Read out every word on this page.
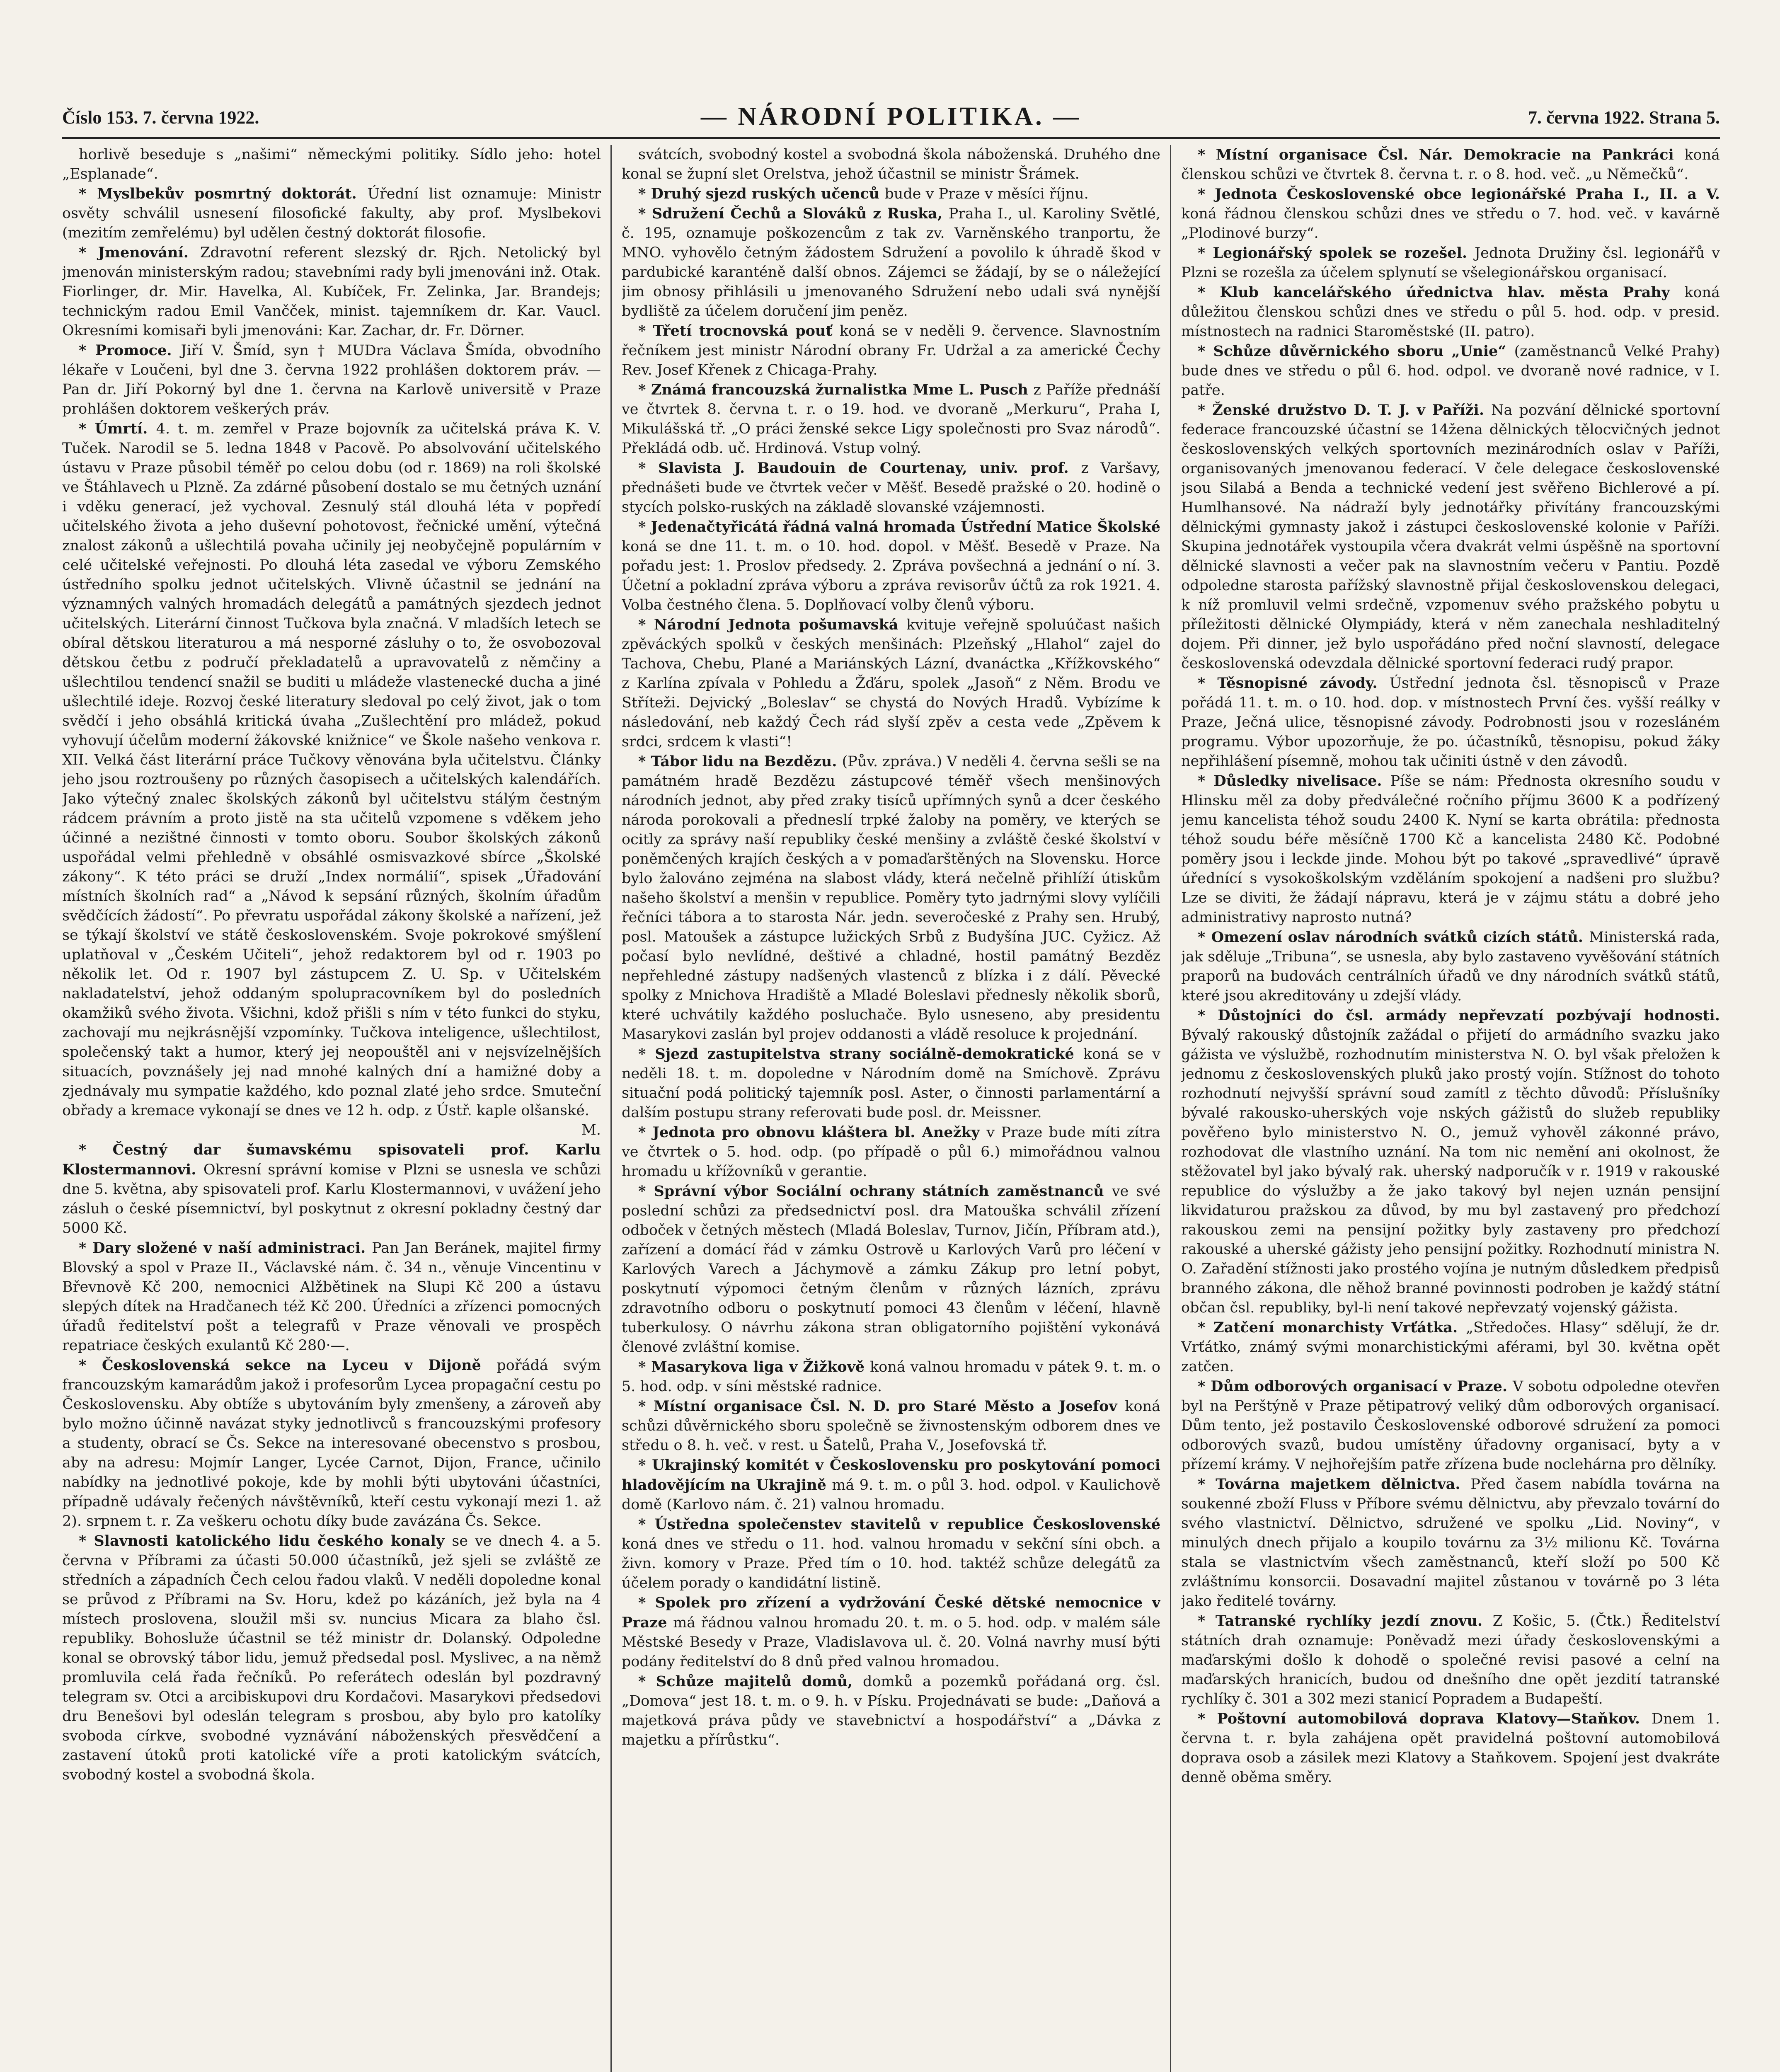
Číslo 153. 7. června 1922.	— NÁRODNÍ POLITIKA. —	7. června 1922. Strana 5.

horlivě beseduje s „našimi“ německými politiky. Sídlo jeho: hotel „Esplanade“.

* Myslbekův posmrtný doktorát. Úřední list oznamuje: Ministr osvěty schválil usnesení filosofické fakulty, aby prof. Myslbekovi (mezitím zemřelému) byl udělen čestný doktorát filosofie.

* Jmenování. Zdravotní referent slezský dr. Rjch. Netolický byl jmenován ministerským radou; stavebními rady byli jmenováni inž. Otak. Fiorlinger, dr. Mir. Havelka, Al. Kubíček, Fr. Zelinka, Jar. Brandejs; technickým radou Emil Vančček, minist. tajemníkem dr. Kar. Vaucl. Okresními komisaři byli jmenováni: Kar. Zachar, dr. Fr. Dörner.

* Promoce. Jiří V. Šmíd, syn † MUDra Václava Šmída, obvodního lékaře v Loučeni, byl dne 3. června 1922 prohlášen doktorem práv. — Pan dr. Jiří Pokorný byl dne 1. června na Karlově universitě v Praze prohlášen doktorem veškerých práv.

* Úmrtí. 4. t. m. zemřel v Praze bojovník za učitelská práva K. V. Tuček. Narodil se 5. ledna 1848 v Pacově. Po absolvování učitelského ústavu v Praze působil téměř po celou dobu (od r. 1869) na roli školské ve Štáhlavech u Plzně. Za zdárné působení dostalo se mu četných uznání i vděku generací, jež vychoval. Zesnulý stál dlouhá léta v popředí učitelského života a jeho duševní pohotovost, řečnické umění, výtečná znalost zákonů a ušlechtilá povaha učinily jej neobyčejně populárním v celé učitelské veřejnosti. Po dlouhá léta zasedal ve výboru Zemského ústředního spolku jednot učitelských. Vlivně účastnil se jednání na významných valných hromadách delegátů a památných sjezdech jednot učitelských. Literární činnost Tučkova byla značná. V mladších letech se obíral dětskou literaturou a má nesporné zásluhy o to, že osvobozoval dětskou četbu z područí překladatelů a upravovatelů z němčiny a ušlechtilou tendencí snažil se buditi u mládeže vlastenecké ducha a jiné ušlechtilé ideje. Rozvoj české literatury sledoval po celý život, jak o tom svědčí i jeho obsáhlá kritická úvaha „Zušlechtění pro mládež, pokud vyhovují účelům moderní žákovské knižnice“ ve Škole našeho venkova r. XII. Velká část literární práce Tučkovy věnována byla učitelstvu. Články jeho jsou roztroušeny po různých časopisech a učitelských kalendářích. Jako výtečný znalec školských zákonů byl učitelstvu stálým čestným rádcem právním a proto jistě na sta učitelů vzpomene s vděkem jeho účinné a nezištné činnosti v tomto oboru. Soubor školských zákonů uspořádal velmi přehledně v obsáhlé osmisvazkové sbírce „Školské zákony“. K této práci se druží „Index normálií“, spisek „Úřadování místních školních rad“ a „Návod k sepsání různých, školním úřadům svědčících žádostí“. Po převratu uspořádal zákony školské a nařízení, jež se týkají školství ve státě československém. Svoje pokrokové smýšlení uplatňoval v „Českém Učiteli“, jehož redaktorem byl od r. 1903 po několik let. Od r. 1907 byl zástupcem Z. U. Sp. v Učitelském nakladatelství, jehož oddaným spolupracovníkem byl do posledních okamžiků svého života. Všichni, kdož přišli s ním v této funkci do styku, zachovají mu nejkrásnější vzpomínky. Tučkova inteligence, ušlechtilost, společenský takt a humor, který jej neopouštěl ani v nejsvízelnějších situacích, povznášely jej nad mnohé kalných dní a hamižné doby a zjednávaly mu sympatie každého, kdo poznal zlaté jeho srdce. Smuteční obřady a kremace vykonají se dnes ve 12 h. odp. z Ústř. kaple olšanské.
M.

* Čestný dar šumavskému spisovateli prof. Karlu Klostermannovi. Okresní správní komise v Plzni se usnesla ve schůzi dne 5. května, aby spisovateli prof. Karlu Klostermannovi, v uvážení jeho zásluh o české písemnictví, byl poskytnut z okresní pokladny čestný dar 5000 Kč.

* Dary složené v naší administraci. Pan Jan Beránek, majitel firmy Blovský a spol v Praze II., Václavské nám. č. 34 n., věnuje Vincentinu v Břevnově Kč 200, nemocnici Alžbětinek na Slupi Kč 200 a ústavu slepých dítek na Hradčanech též Kč 200. Úředníci a zřízenci pomocných úřadů ředitelství pošt a telegrafů v Praze věnovali ve prospěch repatriace českých exulantů Kč 280·—.

* Československá sekce na Lyceu v Dijoně pořádá svým francouzským kamarádům jakož i profesorům Lycea propagační cestu po Československu. Aby obtíže s ubytováním byly zmenšeny, a zároveň aby bylo možno účinně navázat styky jednotlivců s francouzskými profesory a studenty, obrací se Čs. Sekce na interesované obecenstvo s prosbou, aby na adresu: Mojmír Langer, Lycée Carnot, Dijon, France, učinilo nabídky na jednotlivé pokoje, kde by mohli býti ubytováni účastníci, případně udávaly řečených návštěvníků, kteří cestu vykonají mezi 1. až 2). srpnem t. r. Za veškeru ochotu díky bude zavázána Čs. Sekce.

* Slavnosti katolického lidu českého konaly se ve dnech 4. a 5. června v Příbrami za účasti 50.000 účastníků, jež sjeli se zvláště ze středních a západních Čech celou řadou vlaků. V neděli dopoledne konal se průvod z Příbrami na Sv. Horu, kdež po kázáních, jež byla na 4 místech proslovena, sloužil mši sv. nuncius Micara za blaho čsl. republiky. Bohosluže účastnil se též ministr dr. Dolanský. Odpoledne konal se obrovský tábor lidu, jemuž předsedal posl. Myslivec, a na němž promluvila celá řada řečníků. Po referátech odeslán byl pozdravný telegram sv. Otci a arcibiskupovi dru Kordačovi. Masarykovi předsedovi dru Benešovi byl odeslán telegram s prosbou, aby bylo pro katolíky svoboda církve, svobodné vyznávání náboženských přesvědčení a zastavení útoků proti katolické víře a proti katolickým svátcích, svobodný kostel a svobodná škola.

svátcích, svobodný kostel a svobodná škola náboženská. Druhého dne konal se župní slet Orelstva, jehož účastnil se ministr Šrámek.

* Druhý sjezd ruských učenců bude v Praze v měsíci říjnu.

* Sdružení Čechů a Slováků z Ruska, Praha I., ul. Karoliny Světlé, č. 195, oznamuje poškozencům z tak zv. Varněnského tranportu, že MNO. vyhovělo četným žádostem Sdružení a povolilo k úhradě škod v pardubické karanténě další obnos. Zájemci se žádají, by se o náležející jim obnosy přihlásili u jmenovaného Sdružení nebo udali svá nynější bydliště za účelem doručení jim peněz.

* Třetí trocnovská pouť koná se v neděli 9. července. Slavnostním řečníkem jest ministr Národní obrany Fr. Udržal a za americké Čechy Rev. Josef Křenek z Chicaga-Prahy.

* Známá francouzská žurnalistka Mme L. Pusch z Paříže přednáší ve čtvrtek 8. června t. r. o 19. hod. ve dvoraně „Merkuru“, Praha I, Mikulášská tř. „O práci ženské sekce Ligy společnosti pro Svaz národů“. Překládá odb. uč. Hrdinová. Vstup volný.

* Slavista J. Baudouin de Courtenay, univ. prof. z Varšavy, přednášeti bude ve čtvrtek večer v Měšť. Besedě pražské o 20. hodině o stycích polsko-ruských na základě slovanské vzájemnosti.

* Jedenačtyřicátá řádná valná hromada Ústřední Matice Školské koná se dne 11. t. m. o 10. hod. dopol. v Měšť. Besedě v Praze. Na pořadu jest: 1. Proslov předsedy. 2. Zpráva povšechná a jednání o ní. 3. Účetní a pokladní zpráva výboru a zpráva revisorův účtů za rok 1921. 4. Volba čestného člena. 5. Doplňovací volby členů výboru.

* Národní Jednota pošumavská kvituje veřejně spoluúčast našich zpěváckých spolků v českých menšinách: Plzeňský „Hlahol“ zajel do Tachova, Chebu, Plané a Mariánských Lázní, dvanáctka „Křížkovského“ z Karlína zpívala v Pohledu a Žďáru, spolek „Jasoň“ z Něm. Brodu ve Stříteži. Dejvický „Boleslav“ se chystá do Nových Hradů. Vybízíme k následování, neb každý Čech rád slyší zpěv a cesta vede „Zpěvem k srdci, srdcem k vlasti“!

* Tábor lidu na Bezdězu. (Pův. zpráva.) V neděli 4. června sešli se na památném hradě Bezdězu zástupcové téměř všech menšinových národních jednot, aby před zraky tisíců upřímných synů a dcer českého národa porokovali a předneslí trpké žaloby na poměry, ve kterých se ocitly za správy naší republiky české menšiny a zvláště české školství v poněmčených krajích českých a v pomaďarštěných na Slovensku. Horce bylo žalováno zejména na slabost vlády, která nečelně přihlíží útiskům našeho školství a menšin v republice. Poměry tyto jadrnými slovy vylíčili řečníci tábora a to starosta Nár. jedn. severočeské z Prahy sen. Hrubý, posl. Matoušek a zástupce lužických Srbů z Budyšína JUC. Cyžicz. Až počasí bylo nevlídné, deštivé a chladné, hostil památný Bezděz nepřehledné zástupy nadšených vlastenců z blízka i z dálí. Pěvecké spolky z Mnichova Hradiště a Mladé Boleslavi přednesly několik sborů, které uchvátily každého posluchače. Bylo usneseno, aby presidentu Masarykovi zaslán byl projev oddanosti a vládě resoluce k projednání.

* Sjezd zastupitelstva strany sociálně-demokratické koná se v neděli 18. t. m. dopoledne v Národním domě na Smíchově. Zprávu situační podá politický tajemník posl. Aster, o činnosti parlamentární a dalším postupu strany referovati bude posl. dr. Meissner.

* Jednota pro obnovu kláštera bl. Anežky v Praze bude míti zítra ve čtvrtek o 5. hod. odp. (po případě o půl 6.) mimořádnou valnou hromadu u křížovníků v gerantie.

* Správní výbor Sociální ochrany státních zaměstnanců ve své poslední schůzi za předsednictví posl. dra Matouška schválil zřízení odboček v četných městech (Mladá Boleslav, Turnov, Jičín, Příbram atd.), zařízení a domácí řád v zámku Ostrově u Karlových Varů pro léčení v Karlových Varech a Jáchymově a zámku Zákup pro letní pobyt, poskytnutí výpomoci četným členům v různých lázních, zprávu zdravotního odboru o poskytnutí pomoci 43 členům v léčení, hlavně tuberkulosy. O návrhu zákona stran obligatorního pojištění vykonává členové zvláštní komise.

* Masarykova liga v Žižkově koná valnou hromadu v pátek 9. t. m. o 5. hod. odp. v síni městské radnice.

* Místní organisace Čsl. N. D. pro Staré Město a Josefov koná schůzi důvěrnického sboru společně se živnostenským odborem dnes ve středu o 8. h. več. v rest. u Šatelů, Praha V., Josefovská tř.

* Ukrajinský komitét v Československu pro poskytování pomoci hladovějícím na Ukrajině má 9. t. m. o půl 3. hod. odpol. v Kaulichově domě (Karlovo nám. č. 21) valnou hromadu.

* Ústředna společenstev stavitelů v republice Československé koná dnes ve středu o 11. hod. valnou hromadu v sekční síni obch. a živn. komory v Praze. Před tím o 10. hod. taktéž schůze delegátů za účelem porady o kandidátní listině.

* Spolek pro zřízení a vydržování České dětské nemocnice v Praze má řádnou valnou hromadu 20. t. m. o 5. hod. odp. v malém sále Městské Besedy v Praze, Vladislavova ul. č. 20. Volná navrhy musí býti podány ředitelství do 8 dnů před valnou hromadou.

* Schůze majitelů domů, domků a pozemků pořádaná org. čsl. „Domova“ jest 18. t. m. o 9. h. v Písku. Projednávati se bude: „Daňová a majetková práva půdy ve stavebnictví a hospodářství“ a „Dávka z majetku a přírůstku“.

* Místní organisace Čsl. Nár. Demokracie na Pankráci koná členskou schůzi ve čtvrtek 8. června t. r. o 8. hod. več. „u Němečků“.

* Jednota Československé obce legionářské Praha I., II. a V. koná řádnou členskou schůzi dnes ve středu o 7. hod. več. v kavárně „Plodinové burzy“.

* Legionářský spolek se rozešel. Jednota Družiny čsl. legionářů v Plzni se rozešla za účelem splynutí se všelegionářskou organisací.

* Klub kancelářského úřednictva hlav. města Prahy koná důležitou členskou schůzi dnes ve středu o půl 5. hod. odp. v presid. místnostech na radnici Staroměstské (II. patro).

* Schůze důvěrnického sboru „Unie“ (zaměstnanců Velké Prahy) bude dnes ve středu o půl 6. hod. odpol. ve dvoraně nové radnice, v I. patře.

* Ženské družstvo D. T. J. v Paříži. Na pozvání dělnické sportovní federace francouzské účastní se 14žena dělnických tělocvičných jednot československých velkých sportovních mezinárodních oslav v Paříži, organisovaných jmenovanou federací. V čele delegace československé jsou Silabá a Benda a technické vedení jest svěřeno Bichlerové a pí. Humlhansové. Na nádraží byly jednotářky přivítány francouzskými dělnickými gymnasty jakož i zástupci československé kolonie v Paříži. Skupina jednotářek vystoupila včera dvakrát velmi úspěšně na sportovní dělnické slavnosti a večer pak na slavnostním večeru v Pantiu. Pozdě odpoledne starosta pařížský slavnostně přijal československou delegaci, k níž promluvil velmi srdečně, vzpomenuv svého pražského pobytu u příležitosti dělnické Olympiády, která v něm zanechala neshladitelný dojem. Při dinner, jež bylo uspořádáno před noční slavností, delegace československá odevzdala dělnické sportovní federaci rudý prapor.

* Těsnopisné závody. Ústřední jednota čsl. těsnopisců v Praze pořádá 11. t. m. o 10. hod. dop. v místnostech První čes. vyšší reálky v Praze, Ječná ulice, těsnopisné závody. Podrobnosti jsou v rozesláném programu. Výbor upozorňuje, že po. účastníků, těsnopisu, pokud žáky nepřihlášení písemně, mohou tak učiniti ústně v den závodů.

* Důsledky nivelisace. Píše se nám: Přednosta okresního soudu v Hlinsku měl za doby předválečné ročního příjmu 3600 K a podřízený jemu kancelista téhož soudu 2400 K. Nyní se karta obrátila: přednosta téhož soudu béře měsíčně 1700 Kč a kancelista 2480 Kč. Podobné poměry jsou i leckde jinde. Mohou být po takové „spravedlivé“ úpravě úřednící s vysokoškolským vzděláním spokojení a nadšeni pro službu? Lze se diviti, že žádají nápravu, která je v zájmu státu a dobré jeho administrativy naprosto nutná?

* Omezení oslav národních svátků cizích států. Ministerská rada, jak sděluje „Tribuna“, se usnesla, aby bylo zastaveno vyvěšování státních praporů na budovách centrálních úřadů ve dny národních svátků států, které jsou akreditovány u zdejší vlády.

* Důstojníci do čsl. armády nepřevzatí pozbývají hodnosti. Bývalý rakouský důstojník zažádal o přijetí do armádního svazku jako gážista ve výslužbě, rozhodnutím ministerstva N. O. byl však přeložen k jednomu z československých pluků jako prostý vojín. Stížnost do tohoto rozhodnutí nejvyšší správní soud zamítl z těchto důvodů: Příslušníky bývalé rakousko-uherských voje nských gážistů do služeb republiky pověřeno bylo ministerstvo N. O., jemuž vyhověl zákonné právo, rozhodovat dle vlastního uznání. Na tom nic nemění ani okolnost, že stěžovatel byl jako bývalý rak. uherský nadporučík v r. 1919 v rakouské republice do výslužby a že jako takový byl nejen uznán pensijní likvidaturou pražskou za důvod, by mu byl zastavený pro předchozí rakouskou zemi na pensijní požitky byly zastaveny pro předchozí rakouské a uherské gážisty jeho pensijní požitky. Rozhodnutí ministra N. O. Zařadění stížnosti jako prostého vojína je nutným důsledkem předpisů branného zákona, dle něhož branné povinnosti podroben je každý státní občan čsl. republiky, byl-li není takové nepřevzatý vojenský gážista.

* Zatčení monarchisty Vrťátka. „Středočes. Hlasy“ sdělují, že dr. Vrťátko, známý svými monarchistickými aférami, byl 30. května opět zatčen.

* Dům odborových organisací v Praze. V sobotu odpoledne otevřen byl na Perštýně v Praze pětipatrový veliký dům odborových organisací. Dům tento, jež postavilo Československé odborové sdružení za pomoci odborových svazů, budou umístěny úřadovny organisací, byty a v přízemí krámy. V nejhořejším patře zřízena bude noclehárna pro dělníky.

* Továrna majetkem dělnictva. Před časem nabídla továrna na soukenné zboží Fluss v Příbore svému dělnictvu, aby převzalo tovární do svého vlastnictví. Dělnictvo, sdružené ve spolku „Lid. Noviny“, v minulých dnech přijalo a koupilo továrnu za 3½ milionu Kč. Továrna stala se vlastnictvím všech zaměstnanců, kteří složí po 500 Kč zvláštnímu konsorcii. Dosavadní majitel zůstanou v továrně po 3 léta jako ředitelé továrny.

* Tatranské rychlíky jezdí znovu. Z Košic, 5. (Čtk.) Ředitelství státních drah oznamuje: Poněvadž mezi úřady československými a maďarskými došlo k dohodě o společné revisi pasové a celní na maďarských hranicích, budou od dnešního dne opět jezdití tatranské rychlíky č. 301 a 302 mezi stanicí Popradem a Budapeští.

* Poštovní automobilová doprava Klatovy—Staňkov. Dnem 1. června t. r. byla zahájena opět pravidelná poštovní automobilová doprava osob a zásilek mezi Klatovy a Staňkovem. Spojení jest dvakráte denně oběma směry.
